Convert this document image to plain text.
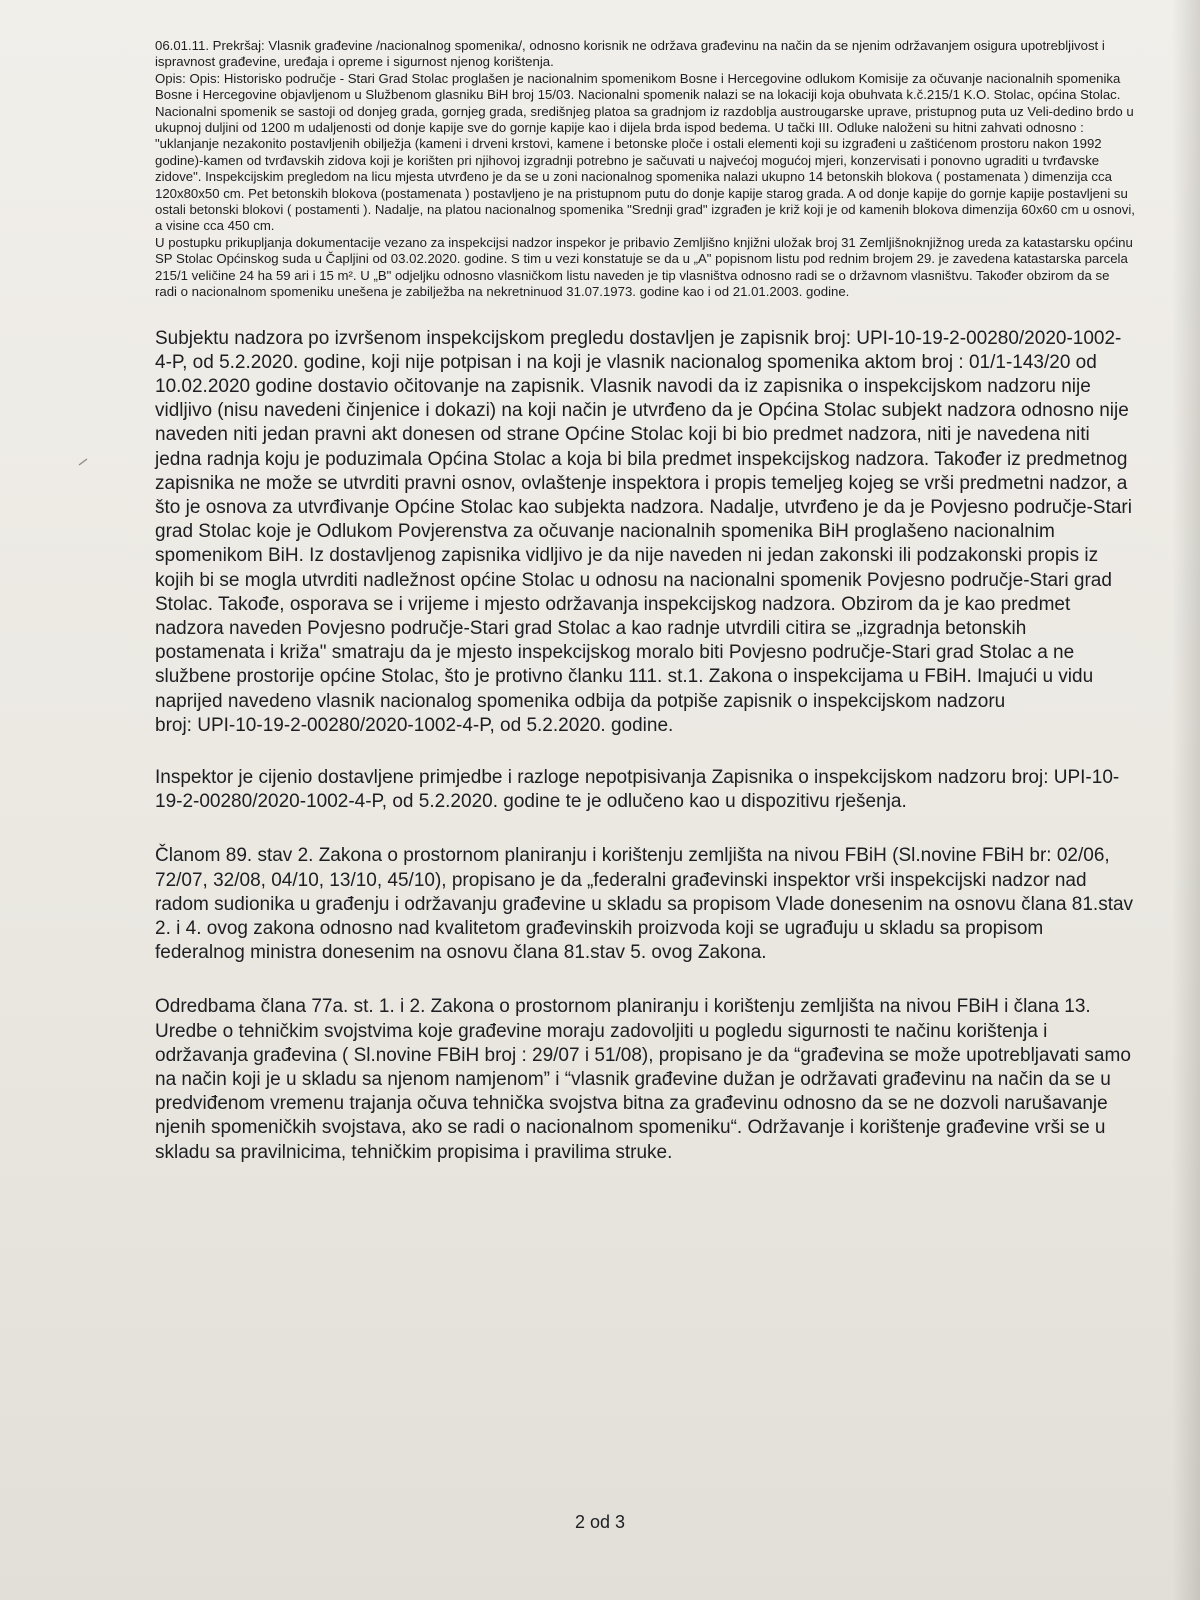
06.01.11. Prekršaj: Vlasnik građevine /nacionalnog spomenika/, odnosno korisnik ne održava građevinu na način da se njenim održavanjem osigura upotrebljivost i ispravnost građevine, uređaja i opreme i sigurnost njenog korištenja.

Opis: Opis: Historisko područje - Stari Grad Stolac proglašen je nacionalnim spomenikom Bosne i Hercegovine odlukom Komisije za očuvanje nacionalnih spomenika Bosne i Hercegovine objavljenom u Službenom glasniku BiH broj 15/03. Nacionalni spomenik nalazi se na lokaciji koja obuhvata k.č.215/1 K.O. Stolac, općina Stolac. Nacionalni spomenik se sastoji od donjeg grada, gornjeg grada, središnjeg platoa sa gradnjom iz razdoblja austrougarske uprave, pristupnog puta uz Veli-dedino brdo u ukupnoj duljini od 1200 m udaljenosti od donje kapije sve do gornje kapije kao i dijela brda ispod bedema. U tački III. Odluke naloženi su hitni zahvati odnosno : "uklanjanje nezakonito postavljenih obilježja (kameni i drveni krstovi, kamene i betonske ploče i ostali elementi koji su izgrađeni u zaštićenom prostoru nakon 1992 godine)-kamen od tvrđavskih zidova koji je korišten pri njihovoj izgradnji potrebno je sačuvati u najvećoj mogućoj mjeri, konzervisati i ponovno ugraditi u tvrđavske zidove". Inspekcijskim pregledom na licu mjesta utvrđeno je da se u zoni nacionalnog spomenika nalazi ukupno 14 betonskih blokova ( postamenata ) dimenzija cca 120x80x50 cm. Pet betonskih blokova (postamenata ) postavljeno je na pristupnom putu do donje kapije starog grada. A od donje kapije do gornje kapije postavljeni su ostali betonski blokovi ( postamenti ). Nadalje, na platou nacionalnog spomenika "Srednji grad" izgrađen je križ koji je od kamenih blokova dimenzija 60x60 cm u osnovi, a visine cca 450 cm.

U postupku prikupljanja dokumentacije vezano za inspekcijsi nadzor inspekor je pribavio Zemljišno knjižni uložak broj 31 Zemljišnoknjižnog ureda za katastarsku općinu SP Stolac Općinskog suda u Čapljini od 03.02.2020. godine. S tim u vezi konstatuje se da u „A" popisnom listu pod rednim brojem 29. je zavedena katastarska parcela 215/1 veličine 24 ha 59 ari i 15 m². U „B" odjeljku odnosno vlasničkom listu naveden je tip vlasništva odnosno radi se o državnom vlasništvu. Također obzirom da se radi o nacionalnom spomeniku unešena je zabilježba na nekretninuod 31.07.1973. godine kao i od 21.01.2003. godine.

Subjektu nadzora po izvršenom inspekcijskom pregledu dostavljen je zapisnik broj: UPI-10-19-2-00280/2020-1002-4-P, od 5.2.2020. godine, koji nije potpisan i na koji je vlasnik nacionalog spomenika aktom broj : 01/1-143/20 od 10.02.2020 godine dostavio očitovanje na zapisnik. Vlasnik navodi da iz zapisnika o inspekcijskom nadzoru nije vidljivo (nisu navedeni činjenice i dokazi) na koji način je utvrđeno da je Općina Stolac subjekt nadzora odnosno nije naveden niti jedan pravni akt donesen od strane Općine Stolac koji bi bio predmet nadzora, niti je navedena niti jedna radnja koju je poduzimala Općina Stolac a koja bi bila predmet inspekcijskog nadzora. Također iz predmetnog zapisnika ne može se utvrditi pravni osnov, ovlaštenje inspektora i propis temeljeg kojeg se vrši predmetni nadzor, a što je osnova za utvrđivanje Općine Stolac kao subjekta nadzora. Nadalje, utvrđeno je da je Povjesno područje-Stari grad Stolac koje je Odlukom Povjerenstva za očuvanje nacionalnih spomenika BiH proglašeno nacionalnim spomenikom BiH. Iz dostavljenog zapisnika vidljivo je da nije naveden ni jedan zakonski ili podzakonski propis iz kojih bi se mogla utvrditi nadležnost općine Stolac u odnosu na nacionalni spomenik Povjesno područje-Stari grad Stolac. Takođe, osporava se i vrijeme i mjesto održavanja inspekcijskog nadzora. Obzirom da je kao predmet nadzora naveden Povjesno područje-Stari grad Stolac a kao radnje utvrdili citira se „izgradnja betonskih postamenata i križa" smatraju da je mjesto inspekcijskog moralo biti Povjesno područje-Stari grad Stolac a ne službene prostorije općine Stolac, što je protivno članku 111. st.1. Zakona o inspekcijama u FBiH. Imajući u vidu naprijed navedeno vlasnik nacionalog spomenika odbija da potpiše zapisnik o inspekcijskom nadzoru

broj: UPI-10-19-2-00280/2020-1002-4-P, od 5.2.2020. godine.

Inspektor je cijenio dostavljene primjedbe i razloge nepotpisivanja Zapisnika o inspekcijskom nadzoru broj: UPI-10-19-2-00280/2020-1002-4-P, od 5.2.2020. godine te je odlučeno kao u dispozitivu rješenja.

Članom 89. stav 2. Zakona o prostornom planiranju i korištenju zemljišta na nivou FBiH (Sl.novine FBiH br: 02/06, 72/07, 32/08, 04/10, 13/10, 45/10), propisano je da „federalni građevinski inspektor vrši inspekcijski nadzor nad radom sudionika u građenju i održavanju građevine u skladu sa propisom Vlade donesenim na osnovu člana 81.stav 2. i 4. ovog zakona odnosno nad kvalitetom građevinskih proizvoda koji se ugrađuju u skladu sa propisom federalnog ministra donesenim na osnovu člana 81.stav 5. ovog Zakona.

Odredbama člana 77a. st. 1. i 2. Zakona o prostornom planiranju i korištenju zemljišta na nivou FBiH i člana 13. Uredbe o tehničkim svojstvima koje građevine moraju zadovoljiti u pogledu sigurnosti te načinu korištenja i održavanja građevina ( Sl.novine FBiH broj : 29/07 i 51/08), propisano je da “građevina se može upotrebljavati samo na način koji je u skladu sa njenom namjenom” i “vlasnik građevine dužan je održavati građevinu na način da se u predviđenom vremenu trajanja očuva tehnička svojstva bitna za građevinu odnosno da se ne dozvoli narušavanje njenih spomeničkih svojstava, ako se radi o nacionalnom spomeniku“. Održavanje i korištenje građevine vrši se u skladu sa pravilnicima, tehničkim propisima i pravilima struke.

2 od 3
